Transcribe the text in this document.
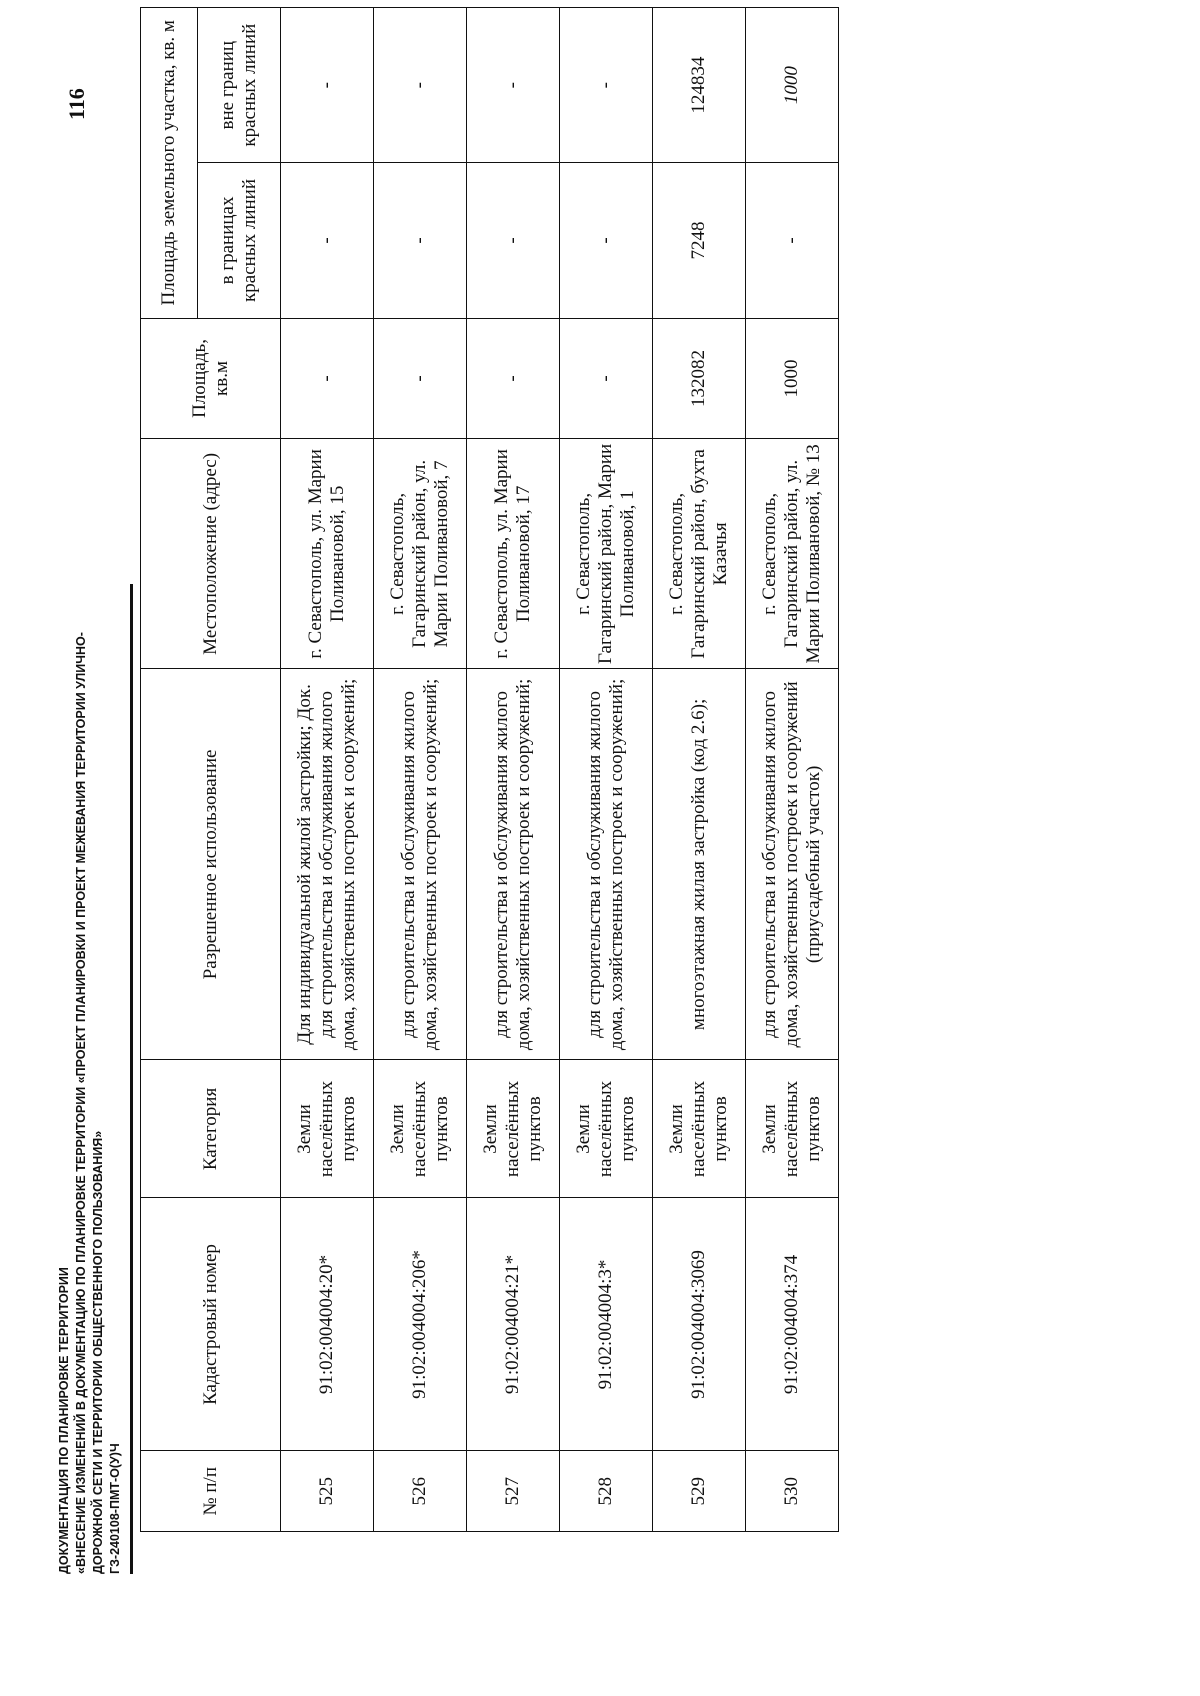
ДОКУМЕНТАЦИЯ ПО ПЛАНИРОВКЕ ТЕРРИТОРИИ «ВНЕСЕНИЕ ИЗМЕНЕНИЙ В ДОКУМЕНТАЦИЮ ПО ПЛАНИРОВКЕ ТЕРРИТОРИИ «ПРОЕКТ ПЛАНИРОВКИ И ПРОЕКТ МЕЖЕВАНИЯ ТЕРРИТОРИИ УЛИЧНО- ДОРОЖНОЙ СЕТИ И ТЕРРИТОРИИ ОБЩЕСТВЕННОГО ПОЛЬЗОВАНИЯ» ГЗ-240108-ПМТ-О(У)Ч
116
№ п/п	Кадастровый номер	Категория	Разрешенное использование	Местоположение (адрес)	Площадь, кв.м	Площадь земельного участка, кв. м	
						в границах красных линий	вне границ красных линий
525	91:02:004004:20*	Земли населённых пунктов	Для индивидуальной жилой застройки; Док. для строительства и обслуживания жилого дома, хозяйственных построек и сооружений;	г. Севастополь, ул. Марии Поливановой, 15	-	-	-
526	91:02:004004:206*	Земли населённых пунктов	для строительства и обслуживания жилого дома, хозяйственных построек и сооружений;	г. Севастополь, Гагаринский район, ул. Марии Поливановой, 7	-	-	-
527	91:02:004004:21*	Земли населённых пунктов	для строительства и обслуживания жилого дома, хозяйственных построек и сооружений;	г. Севастополь, ул. Марии Поливановой, 17	-	-	-
528	91:02:004004:3*	Земли населённых пунктов	для строительства и обслуживания жилого дома, хозяйственных построек и сооружений;	г. Севастополь, Гагаринский район, Марии Поливановой, 1	-	-	-
529	91:02:004004:3069	Земли населённых пунктов	многоэтажная жилая застройка (код 2.6);	г. Севастополь, Гагаринский район, бухта Казачья	132082	7248	124834
530	91:02:004004:374	Земли населённых пунктов	для строительства и обслуживания жилого дома, хозяйственных построек и сооружений (приусадебный участок)	г. Севастополь, Гагаринский район, ул. Марии Поливановой, № 13	1000	-	1000
